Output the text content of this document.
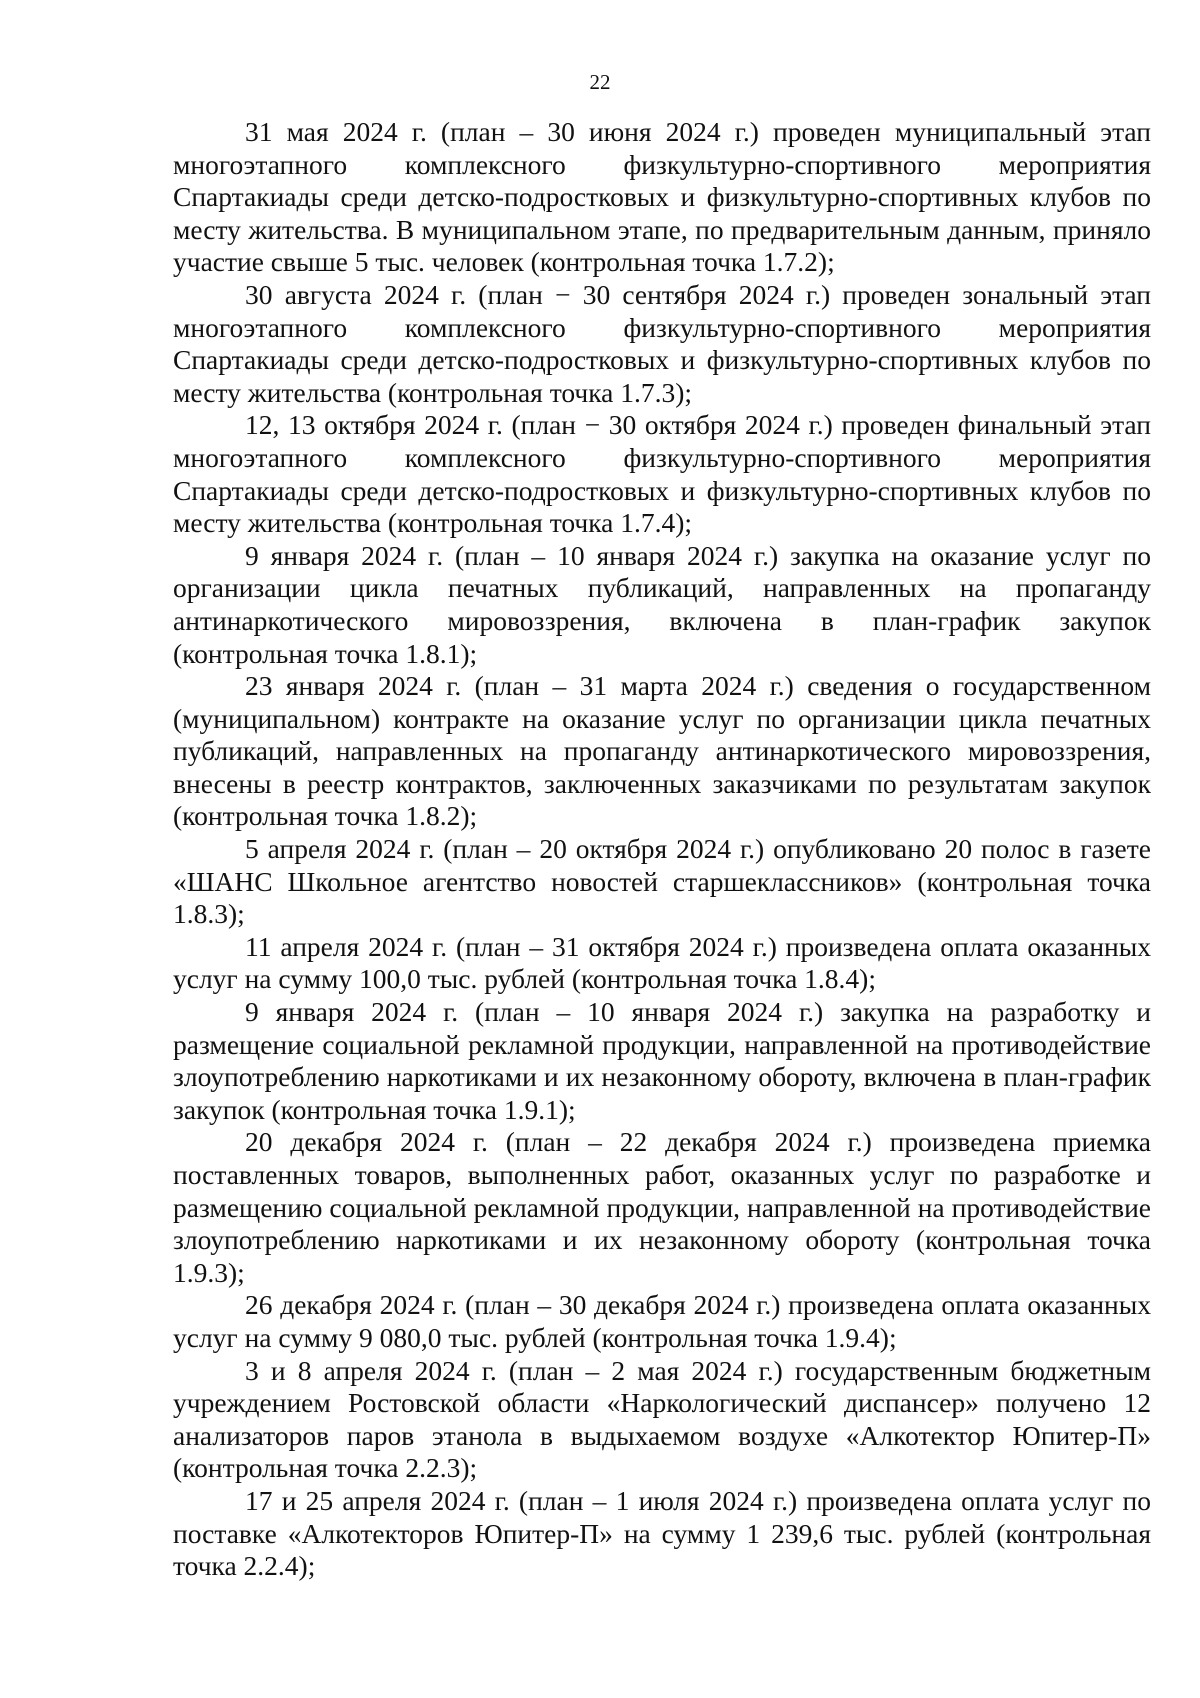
22

31 мая 2024 г. (план – 30 июня 2024 г.) проведен муниципальный этап многоэтапного комплексного физкультурно-спортивного мероприятия Спартакиады среди детско-подростковых и физкультурно-спортивных клубов по месту жительства. В муниципальном этапе, по предварительным данным, приняло участие свыше 5 тыс. человек (контрольная точка 1.7.2);

30 августа 2024 г. (план − 30 сентября 2024 г.) проведен зональный этап многоэтапного комплексного физкультурно-спортивного мероприятия Спартакиады среди детско-подростковых и физкультурно-спортивных клубов по месту жительства (контрольная точка 1.7.3);

12, 13 октября 2024 г. (план − 30 октября 2024 г.) проведен финальный этап многоэтапного комплексного физкультурно-спортивного мероприятия Спартакиады среди детско-подростковых и физкультурно-спортивных клубов по месту жительства (контрольная точка 1.7.4);

9 января 2024 г. (план – 10 января 2024 г.) закупка на оказание услуг по организации цикла печатных публикаций, направленных на пропаганду антинаркотического мировоззрения, включена в план-график закупок (контрольная точка 1.8.1);

23 января 2024 г. (план – 31 марта 2024 г.) сведения о государственном (муниципальном) контракте на оказание услуг по организации цикла печатных публикаций, направленных на пропаганду антинаркотического мировоззрения, внесены в реестр контрактов, заключенных заказчиками по результатам закупок (контрольная точка 1.8.2);

5 апреля 2024 г. (план – 20 октября 2024 г.) опубликовано 20 полос в газете «ШАНС Школьное агентство новостей старшеклассников» (контрольная точка 1.8.3);

11 апреля 2024 г. (план – 31 октября 2024 г.) произведена оплата оказанных услуг на сумму 100,0 тыс. рублей (контрольная точка 1.8.4);

9 января 2024 г. (план – 10 января 2024 г.) закупка на разработку и размещение социальной рекламной продукции, направленной на противодействие злоупотреблению наркотиками и их незаконному обороту, включена в план-график закупок (контрольная точка 1.9.1);

20 декабря 2024 г. (план – 22 декабря 2024 г.) произведена приемка поставленных товаров, выполненных работ, оказанных услуг по разработке и размещению социальной рекламной продукции, направленной на противодействие злоупотреблению наркотиками и их незаконному обороту (контрольная точка 1.9.3);

26 декабря 2024 г. (план – 30 декабря 2024 г.) произведена оплата оказанных услуг на сумму 9 080,0 тыс. рублей (контрольная точка 1.9.4);

3 и 8 апреля 2024 г. (план – 2 мая 2024 г.) государственным бюджетным учреждением Ростовской области «Наркологический диспансер» получено 12 анализаторов паров этанола в выдыхаемом воздухе «Алкотектор Юпитер-П» (контрольная точка 2.2.3);

17 и 25 апреля 2024 г. (план – 1 июля 2024 г.) произведена оплата услуг по поставке «Алкотекторов Юпитер-П» на сумму 1 239,6 тыс. рублей (контрольная точка 2.2.4);
